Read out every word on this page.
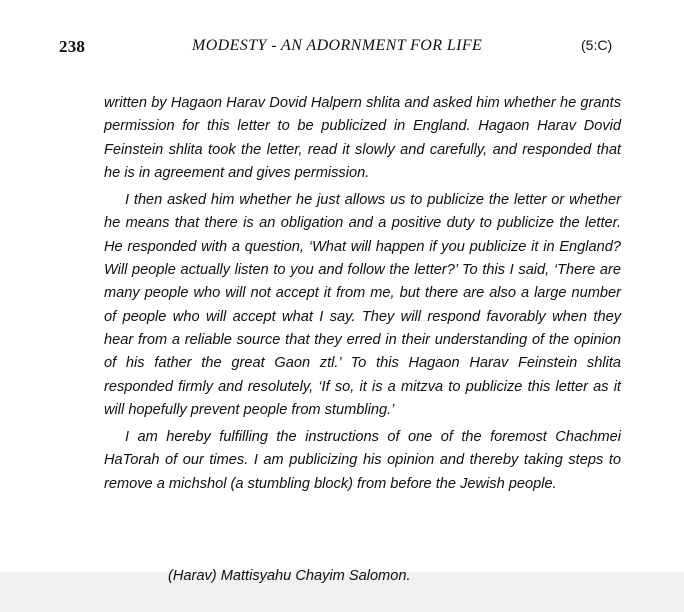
238	MODESTY - AN ADORNMENT FOR LIFE	(5:C)

written by Hagaon Harav Dovid Halpern shlita and asked him whether he grants permission for this letter to be publicized in England. Hagaon Harav Dovid Feinstein shlita took the letter, read it slowly and carefully, and responded that he is in agreement and gives permission.

I then asked him whether he just allows us to publicize the letter or whether he means that there is an obligation and a positive duty to publicize the letter. He responded with a question, ‘What will happen if you publicize it in England? Will people actually listen to you and follow the letter?’ To this I said, ‘There are many people who will not accept it from me, but there are also a large number of people who will accept what I say. They will respond favorably when they hear from a reliable source that they erred in their understanding of the opinion of his father the great Gaon ztl.’ To this Hagaon Harav Feinstein shlita responded firmly and resolutely, ‘If so, it is a mitzva to publicize this letter as it will hopefully prevent people from stumbling.’

I am hereby fulfilling the instructions of one of the foremost Chachmei HaTorah of our times. I am publicizing his opinion and thereby taking steps to remove a michshol (a stumbling block) from before the Jewish people.

(Harav) Mattisyahu Chayim Salomon.
